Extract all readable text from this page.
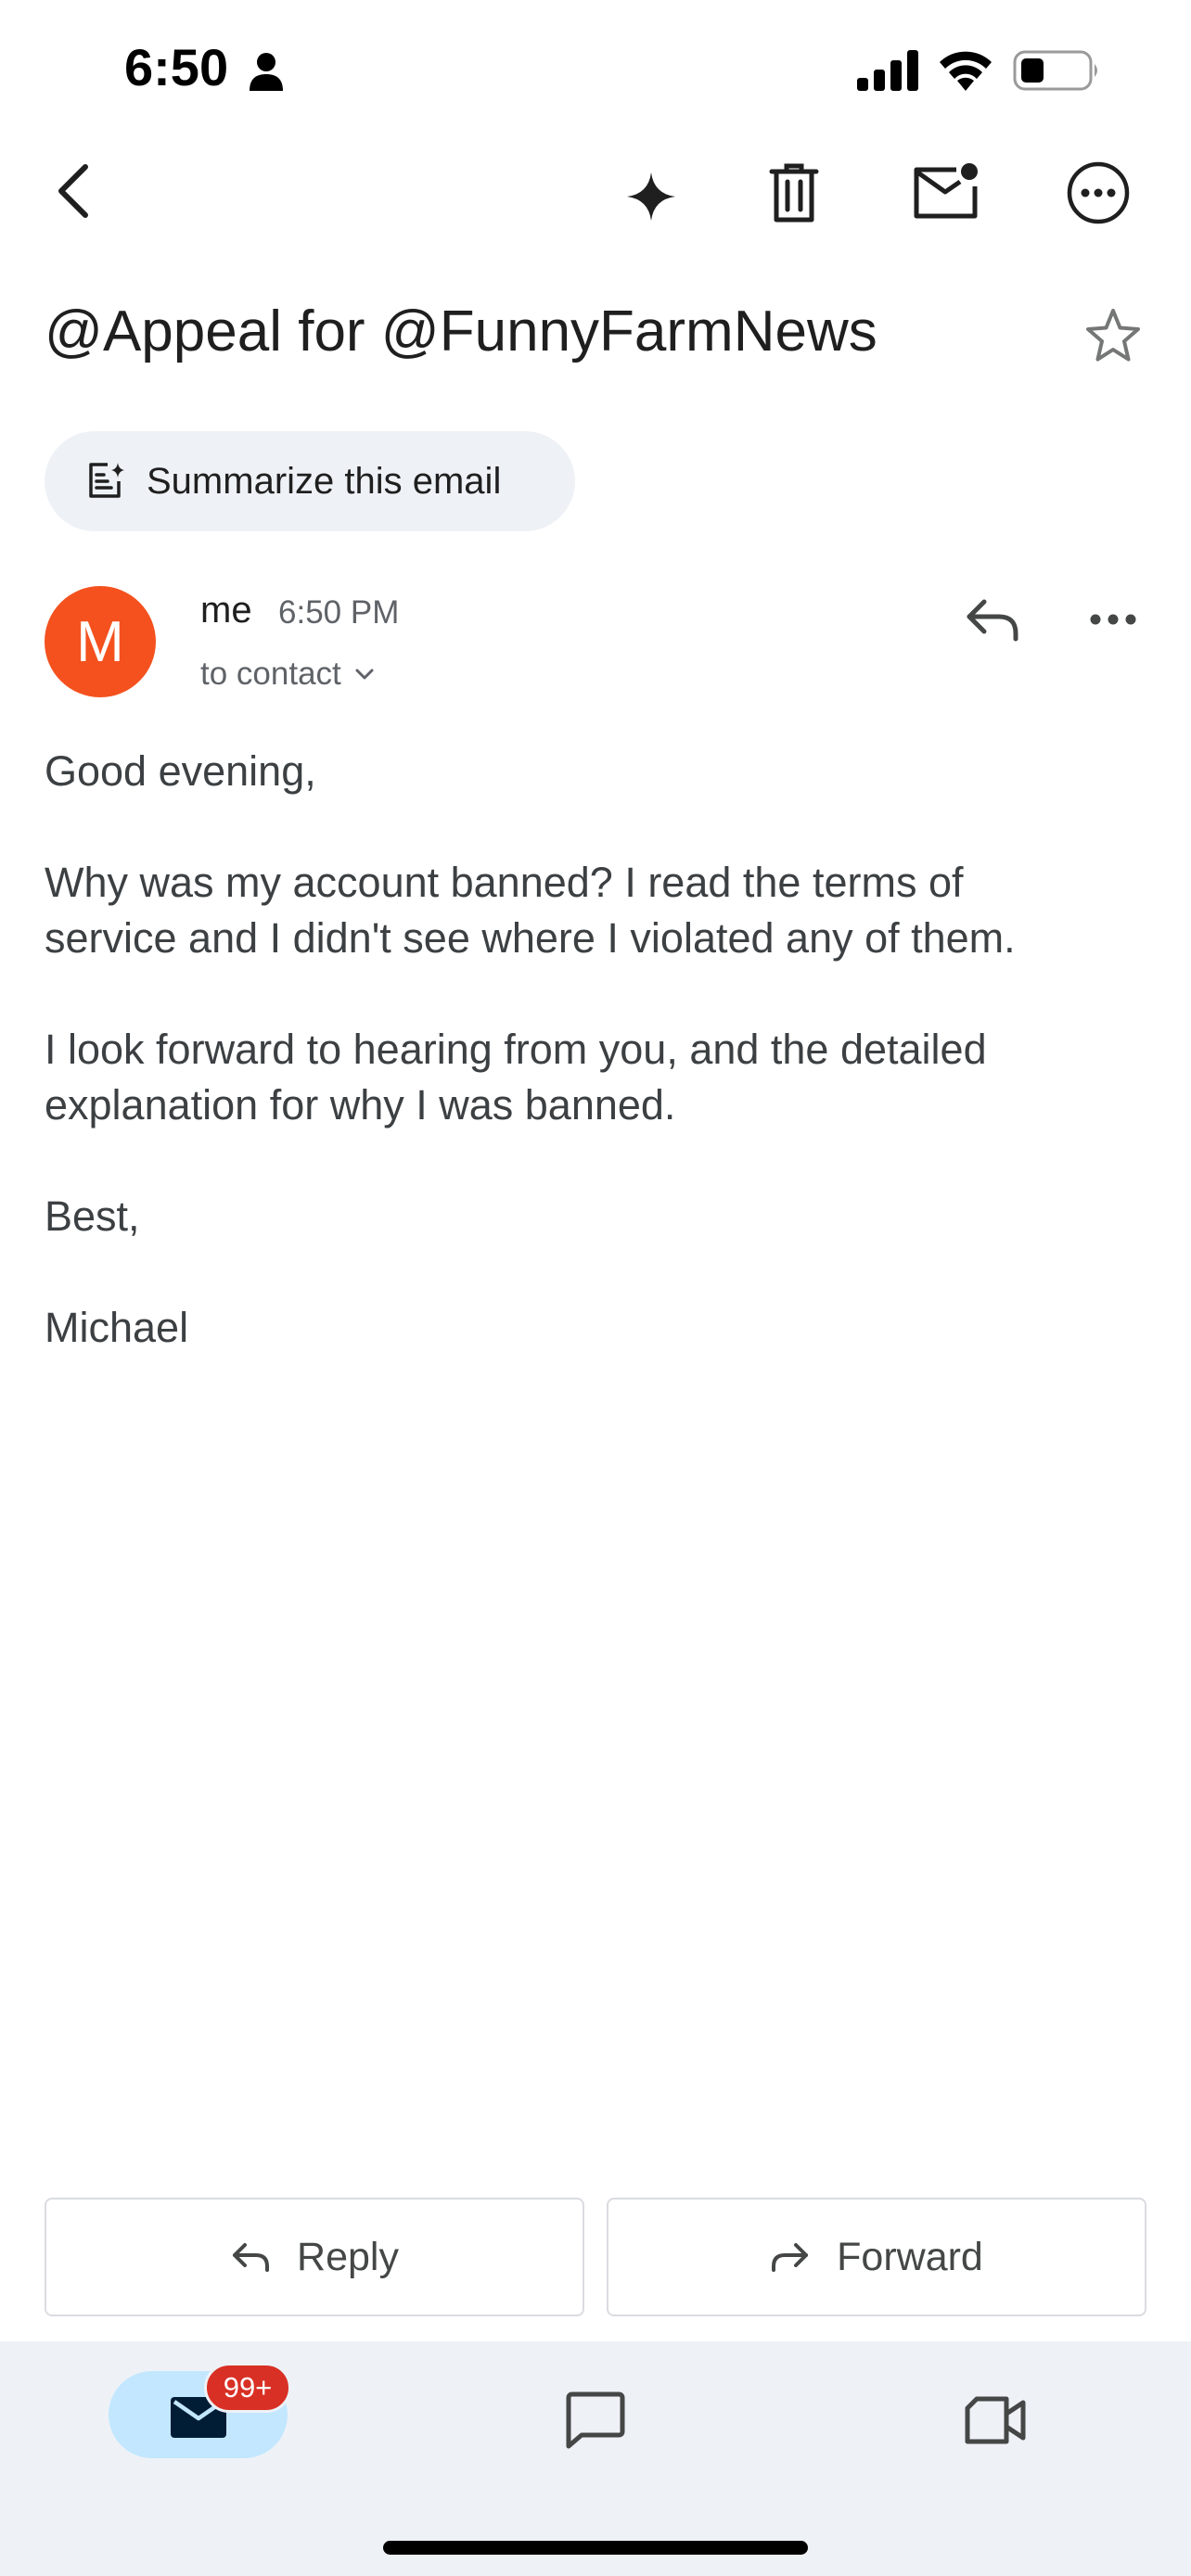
6:50
@Appeal for @FunnyFarmNews
Summarize this email
M	me 6:50 PM
to contact
Good evening,
Why was my account banned? I read the terms of
service and I didn't see where I violated any of them.
I look forward to hearing from you, and the detailed
explanation for why I was banned.
Best,
Michael
Reply	Forward
99+
